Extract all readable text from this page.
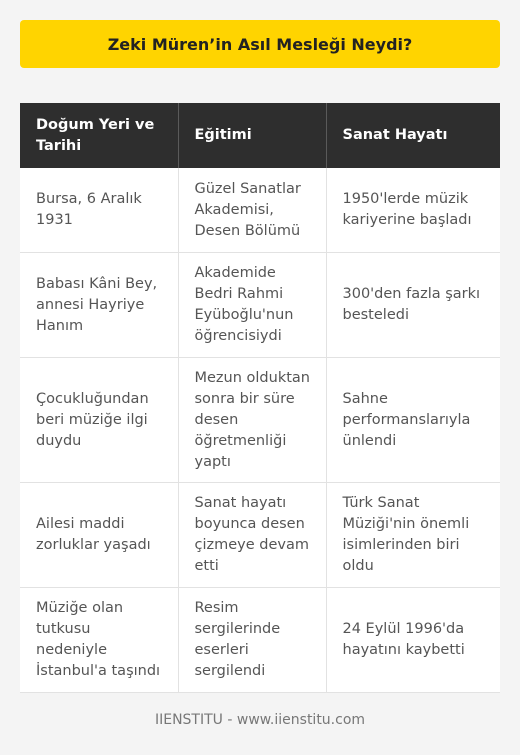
Zeki Müren’in Asıl Mesleği Neydi?
Doğum Yeri ve Tarihi	Eğitimi	Sanat Hayatı
Bursa, 6 Aralık 1931	Güzel Sanatlar Akademisi, Desen Bölümü	1950'lerde müzik kariyerine başladı
Babası Kâni Bey, annesi Hayriye Hanım	Akademide Bedri Rahmi Eyüboğlu'nun öğrencisiydi	300'den fazla şarkı besteledi
Çocukluğundan beri müziğe ilgi duydu	Mezun olduktan sonra bir süre desen öğretmenliği yaptı	Sahne performanslarıyla ünlendi
Ailesi maddi zorluklar yaşadı	Sanat hayatı boyunca desen çizmeye devam etti	Türk Sanat Müziği'nin önemli isimlerinden biri oldu
Müziğe olan tutkusu nedeniyle İstanbul'a taşındı	Resim sergilerinde eserleri sergilendi	24 Eylül 1996'da hayatını kaybetti
IIENSTITU - www.iienstitu.com
